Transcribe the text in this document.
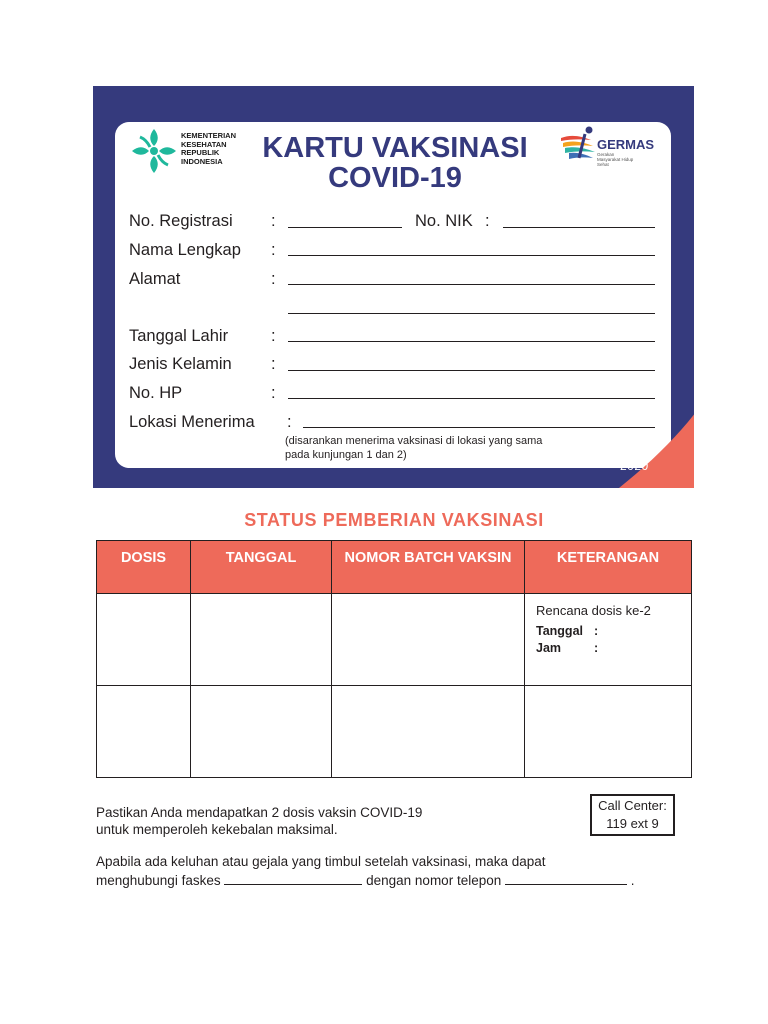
2020
KEMENTERIAN
KESEHATAN
REPUBLIK
INDONESIA	KARTU VAKSINASI
COVID-19
GERMAS
Gerakan Masyarakat Hidup Sehat
No. Registrasi :	No. NIK :
Nama Lengkap :
Alamat	:
Tanggal Lahir	:
Jenis Kelamin :
No. HP	:
Lokasi Menerima :
(disarankan menerima vaksinasi di lokasi yang sama
pada kunjungan 1 dan 2)
STATUS PEMBERIAN VAKSINASI
DOSIS	TANGGAL	NOMOR BATCH VAKSIN	KETERANGAN

			Rencana dosis ke-2
Tanggal :
Jam :

Pastikan Anda mendapatkan 2 dosis vaksin COVID-19
untuk memperoleh kekebalan maksimal.
Call Center:
119 ext 9
Apabila ada keluhan atau gejala yang timbul setelah vaksinasi, maka dapat
menghubungi faskes	dengan nomor telepon	.
